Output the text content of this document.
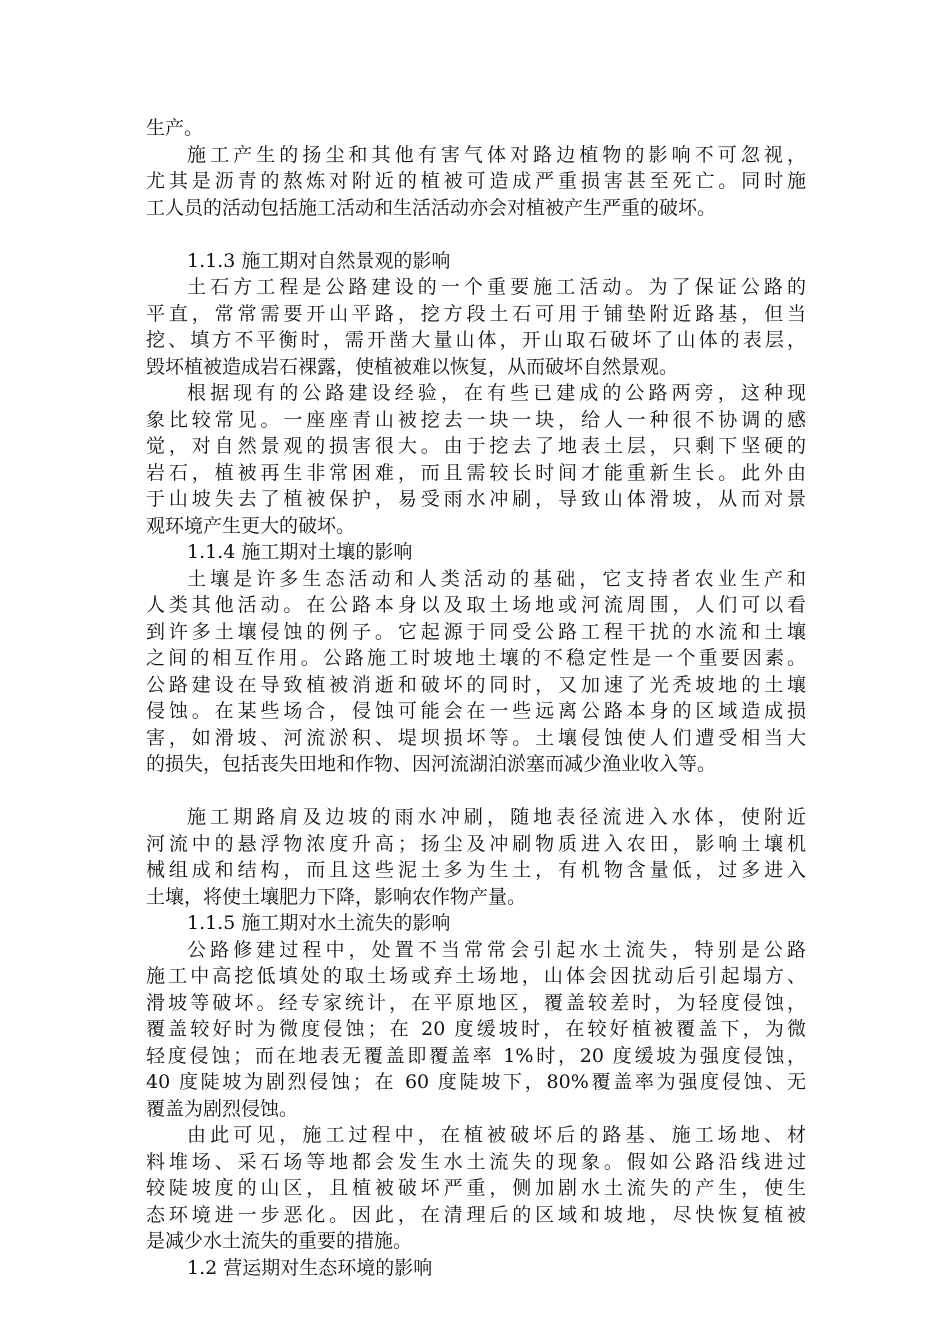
生产。
施工产生的扬尘和其他有害气体对路边植物的影响不可忽视，
尤其是沥青的熬炼对附近的植被可造成严重损害甚至死亡。同时施
工人员的活动包括施工活动和生活活动亦会对植被产生严重的破坏。
1.1.3 施工期对自然景观的影响
土石方工程是公路建设的一个重要施工活动。为了保证公路的
平直，常常需要开山平路，挖方段土石可用于铺垫附近路基，但当
挖、填方不平衡时，需开凿大量山体，开山取石破坏了山体的表层，
毁坏植被造成岩石裸露，使植被难以恢复，从而破坏自然景观。
根据现有的公路建设经验，在有些已建成的公路两旁，这种现
象比较常见。一座座青山被挖去一块一块，给人一种很不协调的感
觉，对自然景观的损害很大。由于挖去了地表土层，只剩下坚硬的
岩石，植被再生非常困难，而且需较长时间才能重新生长。此外由
于山坡失去了植被保护，易受雨水冲刷，导致山体滑坡，从而对景
观环境产生更大的破坏。
1.1.4 施工期对土壤的影响
土壤是许多生态活动和人类活动的基础，它支持者农业生产和
人类其他活动。在公路本身以及取土场地或河流周围，人们可以看
到许多土壤侵蚀的例子。它起源于同受公路工程干扰的水流和土壤
之间的相互作用。公路施工时坡地土壤的不稳定性是一个重要因素。
公路建设在导致植被消逝和破坏的同时，又加速了光秃坡地的土壤
侵蚀。在某些场合，侵蚀可能会在一些远离公路本身的区域造成损
害，如滑坡、河流淤积、堤坝损坏等。土壤侵蚀使人们遭受相当大
的损失，包括丧失田地和作物、因河流湖泊淤塞而减少渔业收入等。
施工期路肩及边坡的雨水冲刷，随地表径流进入水体，使附近
河流中的悬浮物浓度升高；扬尘及冲刷物质进入农田，影响土壤机
械组成和结构，而且这些泥土多为生土，有机物含量低，过多进入
土壤，将使土壤肥力下降，影响农作物产量。
1.1.5 施工期对水土流失的影响
公路修建过程中，处置不当常常会引起水土流失，特别是公路
施工中高挖低填处的取土场或弃土场地，山体会因扰动后引起塌方、
滑坡等破坏。经专家统计，在平原地区，覆盖较差时，为轻度侵蚀，
覆盖较好时为微度侵蚀；在 20 度缓坡时，在较好植被覆盖下，为微
轻度侵蚀；而在地表无覆盖即覆盖率 1%时，20 度缓坡为强度侵蚀，
40 度陡坡为剧烈侵蚀；在 60 度陡坡下，80%覆盖率为强度侵蚀、无
覆盖为剧烈侵蚀。
由此可见，施工过程中，在植被破坏后的路基、施工场地、材
料堆场、采石场等地都会发生水土流失的现象。假如公路沿线进过
较陡坡度的山区，且植被破坏严重，侧加剧水土流失的产生，使生
态环境进一步恶化。因此，在清理后的区域和坡地，尽快恢复植被
是减少水土流失的重要的措施。
1.2 营运期对生态环境的影响
